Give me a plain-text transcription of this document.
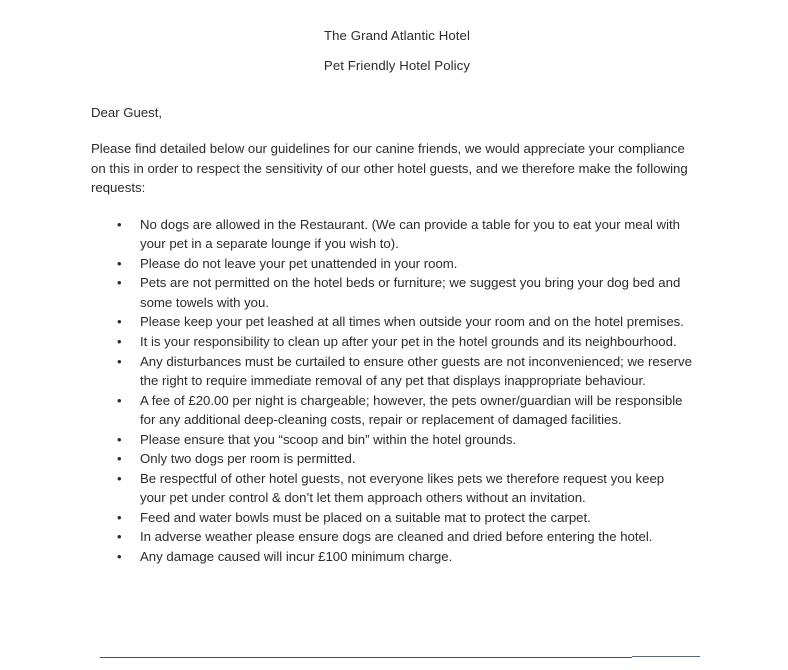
The Grand Atlantic Hotel
Pet Friendly Hotel Policy
Dear Guest,
Please find detailed below our guidelines for our canine friends, we would appreciate your compliance on this in order to respect the sensitivity of our other hotel guests, and we therefore make the following requests:
•	No dogs are allowed in the Restaurant. (We can provide a table for you to eat your meal with your pet in a separate lounge if you wish to).
•	Please do not leave your pet unattended in your room.
•	Pets are not permitted on the hotel beds or furniture; we suggest you bring your dog bed and some towels with you.
•	Please keep your pet leashed at all times when outside your room and on the hotel premises.
•	It is your responsibility to clean up after your pet in the hotel grounds and its neighbourhood.
•	Any disturbances must be curtailed to ensure other guests are not inconvenienced; we reserve the right to require immediate removal of any pet that displays inappropriate behaviour.
•	A fee of £20.00 per night is chargeable; however, the pets owner/guardian will be responsible for any additional deep-cleaning costs, repair or replacement of damaged facilities.
•	Please ensure that you “scoop and bin” within the hotel grounds.
•	Only two dogs per room is permitted.
•	Be respectful of other hotel guests, not everyone likes pets we therefore request you keep your pet under control & don’t let them approach others without an invitation.
•	Feed and water bowls must be placed on a suitable mat to protect the carpet.
•	In adverse weather please ensure dogs are cleaned and dried before entering the hotel.
•	Any damage caused will incur £100 minimum charge.
